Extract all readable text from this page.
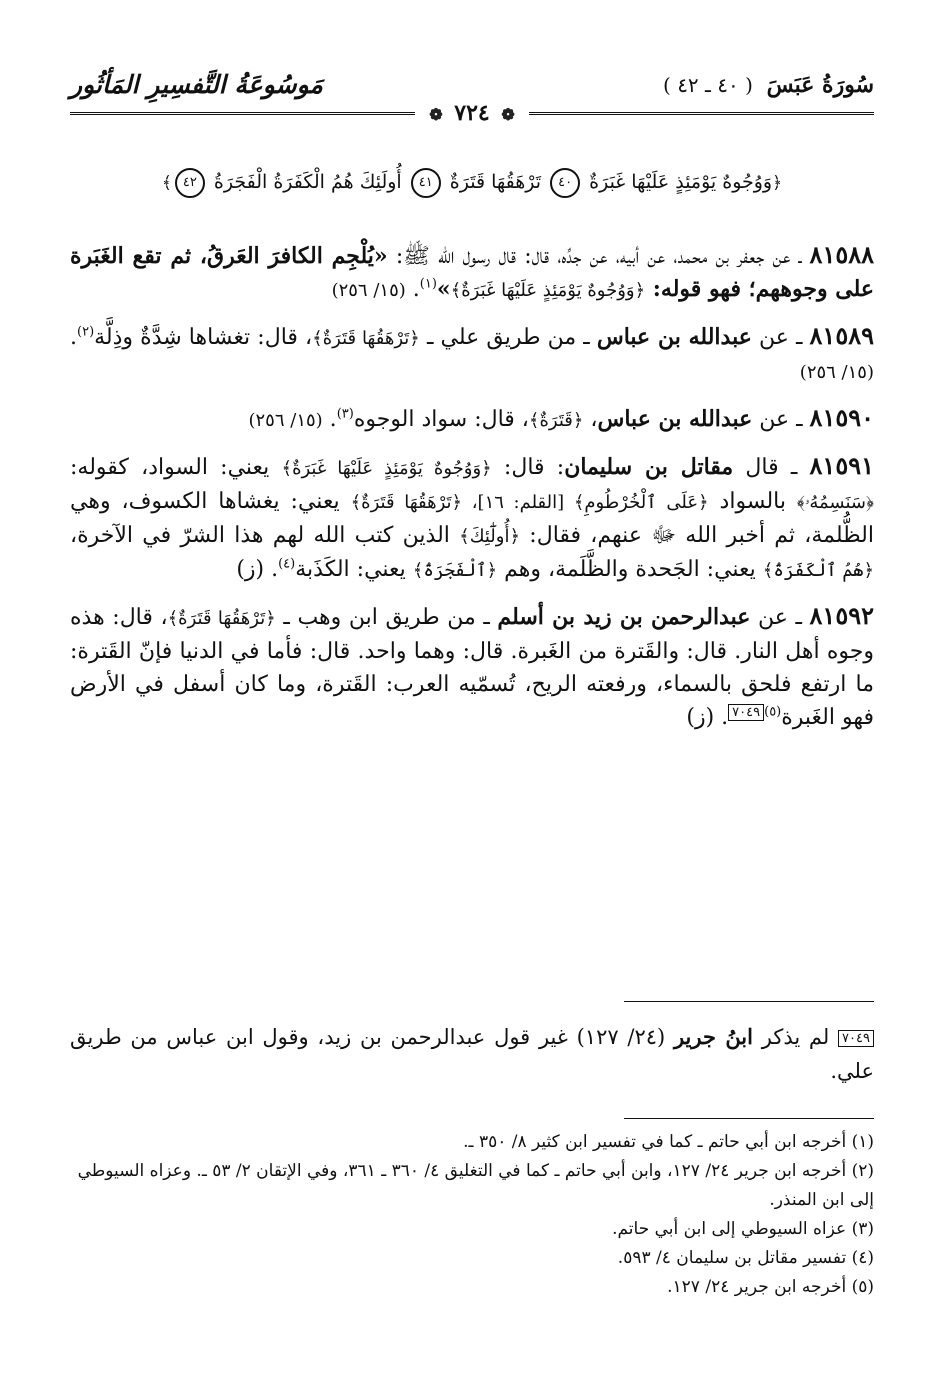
سُورَةُ عَبَسَ ( ٤٠ ـ ٤٢ )
مَوسُوعَةُ التَّفسِيرِ المَأثُور
❁ ٧٢٤ ❁
﴿وَوُجُوهٌ يَوْمَئِذٍ عَلَيْهَا غَبَرَةٌ ٤٠ تَرْهَقُهَا قَتَرَةٌ ٤١ أُولَئِكَ هُمُ الْكَفَرَةُ الْفَجَرَةُ ٤٢﴾

٨١٥٨٨ ـ عن جعفر بن محمد، عن أبيه، عن جدِّه، قال: قال رسول الله ﷺ: «يُلْجِم الكافرَ العَرقُ، ثم تقع الغَبَرة على وجوههم؛ فهو قوله: ﴿وَوُجُوهٌ يَوْمَئِذٍ عَلَيْهَا غَبَرَةٌ﴾»$^{(١)}$. (١٥/ ٢٥٦)

٨١٥٨٩ ـ عن عبدالله بن عباس ـ من طريق علي ـ ﴿تَرْهَقُهَا قَتَرَةٌ﴾، قال: تغشاها شِدَّةٌ وذِلَّة$^{(٢)}$. (١٥/ ٢٥٦)

٨١٥٩٠ ـ عن عبدالله بن عباس، ﴿قَتَرَةٌ﴾، قال: سواد الوجوه$^{(٣)}$. (١٥/ ٢٥٦)

٨١٥٩١ ـ قال مقاتل بن سليمان: قال: ﴿وَوُجُوهٌ يَوْمَئِذٍ عَلَيْهَا غَبَرَةٌ﴾ يعني: السواد، كقوله: ﴿سَنَسِمُهُۥ﴾ بالسواد ﴿عَلَى ٱلْخُرْطُومِ﴾ [القلم: ١٦]، ﴿تَرْهَقُهَا قَتَرَةٌ﴾ يعني: يغشاها الكسوف، وهي الظُّلمة، ثم أخبر الله ﷻ عنهم، فقال: ﴿أُولَٰٓئِكَ﴾ الذين كتب الله لهم هذا الشرّ في الآخرة، ﴿هُمُ ٱلْكَفَرَةُ﴾ يعني: الجَحدة والظَّلَمة، وهم ﴿ٱلْفَجَرَةُ﴾ يعني: الكَذَبة$^{(٤)}$. (ز)

٨١٥٩٢ ـ عن عبدالرحمن بن زيد بن أسلم ـ من طريق ابن وهب ـ ﴿تَرْهَقُهَا قَتَرَةٌ﴾، قال: هذه وجوه أهل النار. قال: والقَترة من الغَبرة. قال: وهما واحد. قال: فأما في الدنيا فإنّ القَترة: ما ارتفع فلحق بالسماء، ورفعته الريح، تُسمّيه العرب: القَترة، وما كان أسفل في الأرض فهو الغَبرة$^{(٥)}$٧٠٤٩. (ز)

٧٠٤٩ لم يذكر ابنُ جرير (٢٤/ ١٢٧) غير قول عبدالرحمن بن زيد، وقول ابن عباس من طريق علي.

(١) أخرجه ابن أبي حاتم ـ كما في تفسير ابن كثير ٨/ ٣٥٠ ـ.

(٢) أخرجه ابن جرير ٢٤/ ١٢٧، وابن أبي حاتم ـ كما في التغليق ٤/ ٣٦٠ ـ ٣٦١، وفي الإتقان ٢/ ٥٣ ـ. وعزاه السيوطي إلى ابن المنذر.

(٣) عزاه السيوطي إلى ابن أبي حاتم.

(٤) تفسير مقاتل بن سليمان ٤/ ٥٩٣.

(٥) أخرجه ابن جرير ٢٤/ ١٢٧.
